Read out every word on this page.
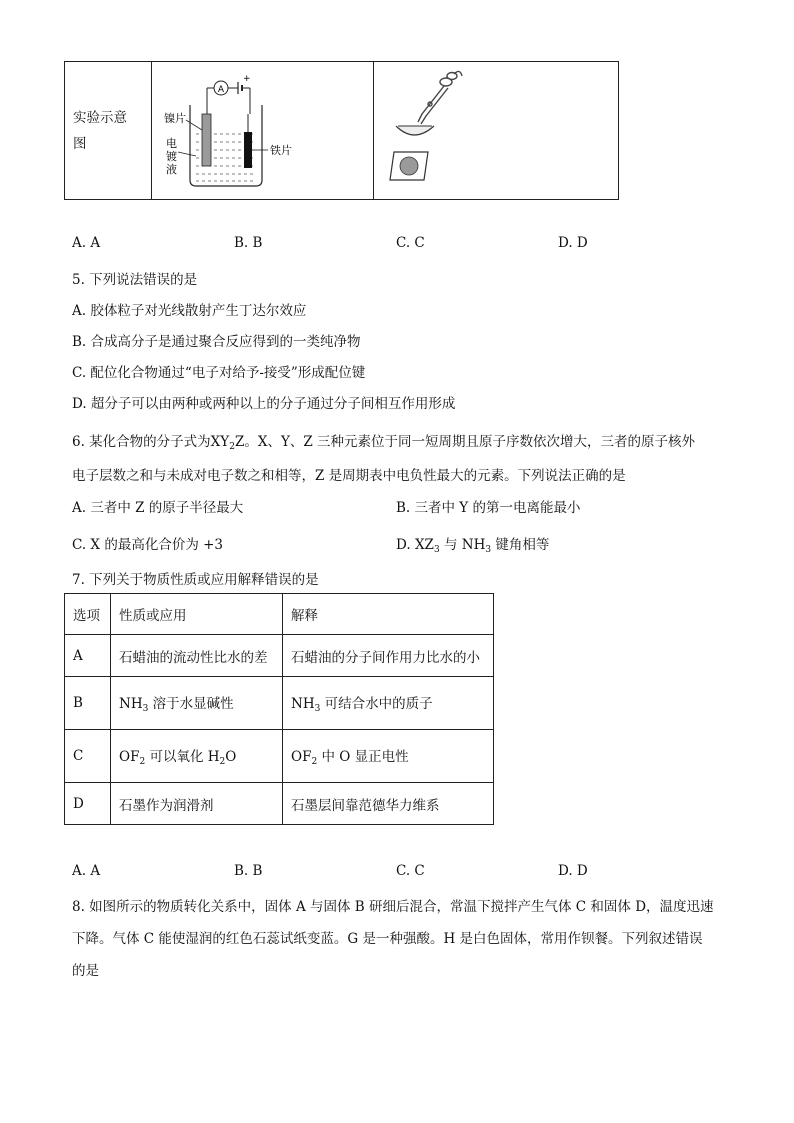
实验示意图

A
+
镍片
电
镀
液
铁片

A. A	B. B	C. C	D. D
5. 下列说法错误的是
A. 胶体粒子对光线散射产生丁达尔效应
B. 合成高分子是通过聚合反应得到的一类纯净物
C. 配位化合物通过“电子对给予-接受”形成配位键
D. 超分子可以由两种或两种以上的分子通过分子间相互作用形成
6. 某化合物的分子式为$XY_2Z$。X、Y、Z 三种元素位于同一短周期且原子序数依次增大，三者的原子核外
电子层数之和与未成对电子数之和相等，Z 是周期表中电负性最大的元素。下列说法正确的是
A. 三者中 Z 的原子半径最大	B. 三者中 Y 的第一电离能最小
C. X 的最高化合价为 +3	D. $XZ_3$ 与 $NH_3$ 键角相等
7. 下列关于物质性质或应用解释错误的是
选项	性质或应用	解释
A	石蜡油的流动性比水的差	石蜡油的分子间作用力比水的小
B	$NH_3$ 溶于水显碱性	$NH_3$ 可结合水中的质子
C	$OF_2$ 可以氧化 $H_2O$	$OF_2$ 中 O 显正电性
D	石墨作为润滑剂	石墨层间靠范德华力维系
A. A	B. B	C. C	D. D
8. 如图所示的物质转化关系中，固体 A 与固体 B 研细后混合，常温下搅拌产生气体 C 和固体 D，温度迅速
下降。气体 C 能使湿润的红色石蕊试纸变蓝。G 是一种强酸。H 是白色固体，常用作钡餐。下列叙述错误
的是
